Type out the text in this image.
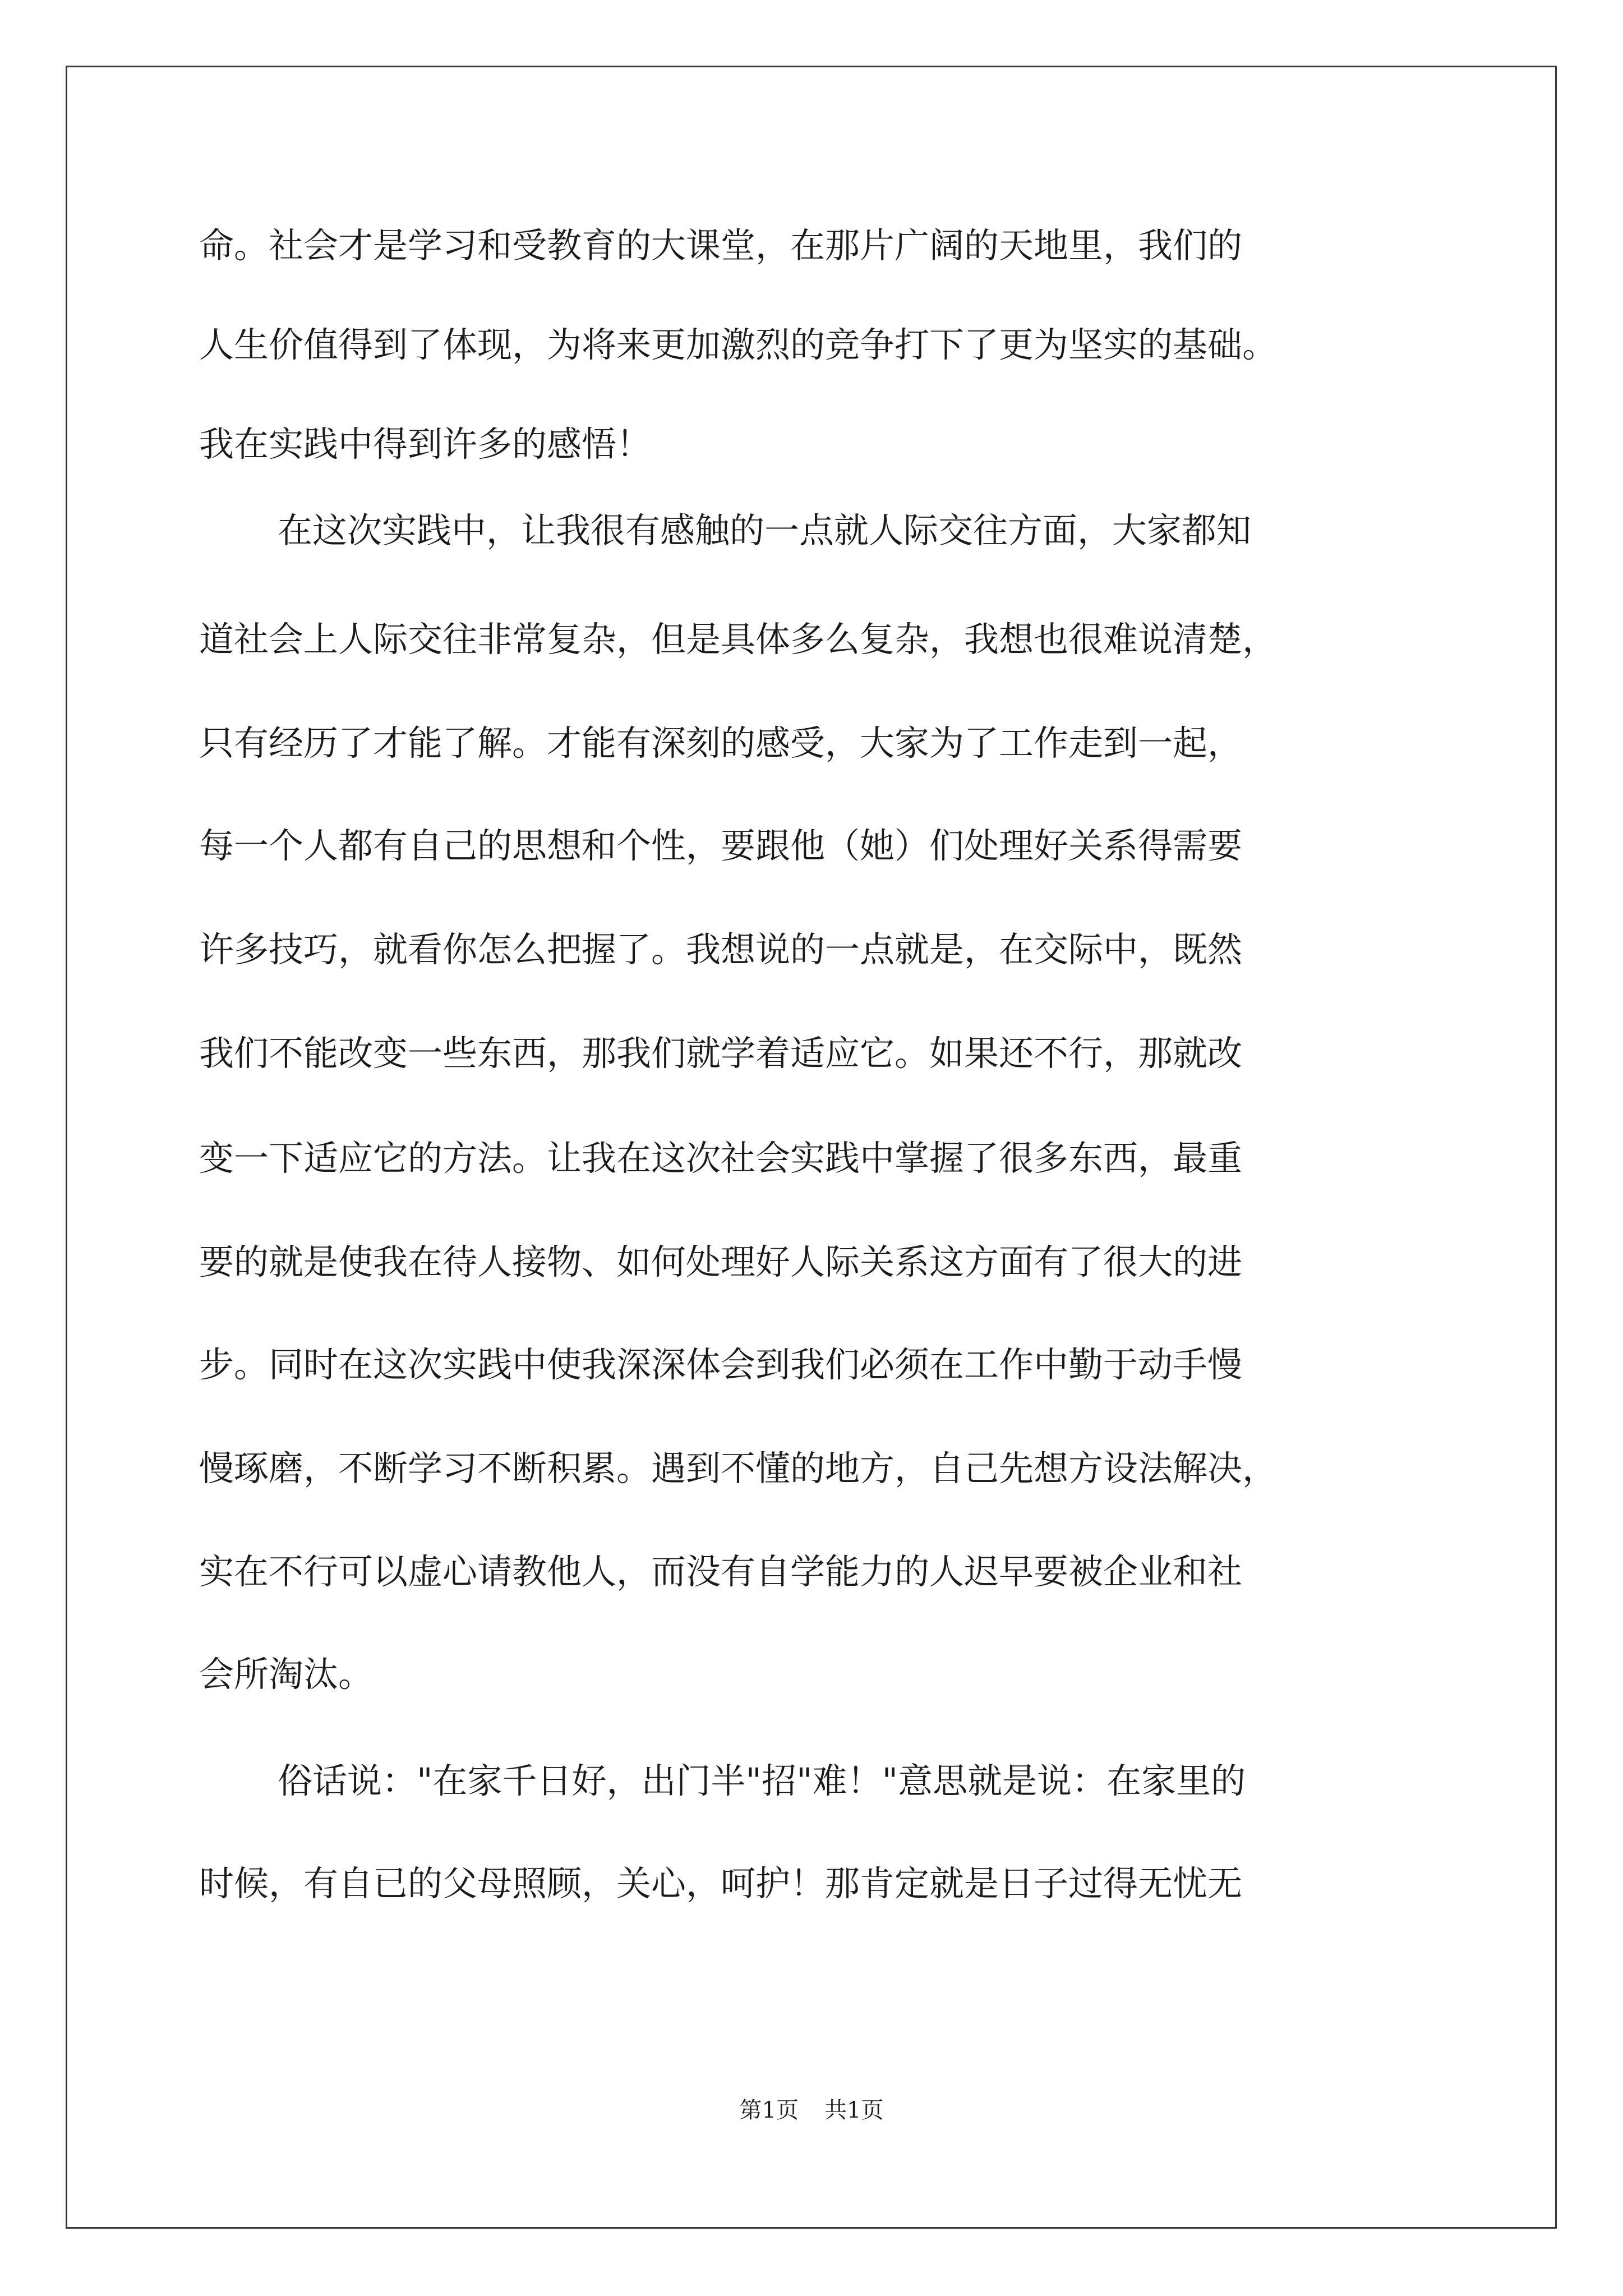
命。社会才是学习和受教育的大课堂，在那片广阔的天地里，我们的

人生价值得到了体现，为将来更加激烈的竞争打下了更为坚实的基础。

我在实践中得到许多的感悟！

在这次实践中，让我很有感触的一点就人际交往方面，大家都知

道社会上人际交往非常复杂，但是具体多么复杂，我想也很难说清楚，

只有经历了才能了解。才能有深刻的感受，大家为了工作走到一起，

每一个人都有自己的思想和个性，要跟他（她）们处理好关系得需要

许多技巧，就看你怎么把握了。我想说的一点就是，在交际中，既然

我们不能改变一些东西，那我们就学着适应它。如果还不行，那就改

变一下适应它的方法。让我在这次社会实践中掌握了很多东西，最重

要的就是使我在待人接物、如何处理好人际关系这方面有了很大的进

步。同时在这次实践中使我深深体会到我们必须在工作中勤于动手慢

慢琢磨，不断学习不断积累。遇到不懂的地方，自己先想方设法解决，

实在不行可以虚心请教他人，而没有自学能力的人迟早要被企业和社

会所淘汰。

俗话说："在家千日好，出门半"招"难！"意思就是说：在家里的

时候，有自已的父母照顾，关心，呵护！那肯定就是日子过得无忧无

第1页 共1页
